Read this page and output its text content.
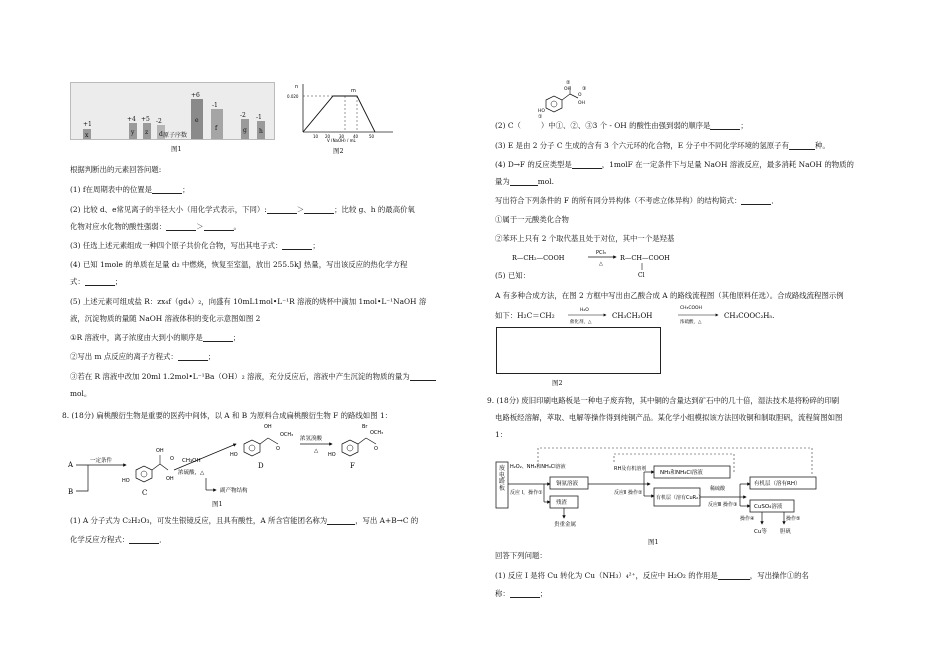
+1
+4 +5 -2
+6
-1
-2 -1
x	y z d
e
f	g h
原子序数
图1
n
0.020
m
10 20 30 40	50
V (NaOH) / mL
图2
根据判断出的元素回答问题:
(1) f在周期表中的位置是	；
(2) 比较 d、e常见离子的半径大小（用化学式表示，下同）:	＞	；比较 g、h 的最高价氧
化物对应水化物的酸性强弱：	＞	。
(3) 任选上述元素组成一种四个原子共价化合物，写出其电子式：	；
(4) 已知 1mole 的单质在足量 d₂ 中燃烧，恢复至室温，放出 255.5kJ 热量，写出该反应的热化学方程
式：	；
(5) 上述元素可组成盐 R：zx₄f（gd₄）₂，向盛有 10mL1mol•L⁻¹R 溶液的烧杯中滴加 1mol•L⁻¹NaOH 溶
液，沉淀物质的量随 NaOH 溶液体积的变化示意图如图 2
①R 溶液中，离子浓度由大到小的顺序是	；
②写出 m 点反应的离子方程式：	；
③若在 R 溶液中改加 20ml 1.2mol•L⁻¹Ba（OH）₂ 溶液，充分反应后，溶液中产生沉淀的物质的量为
mol。
8. (18分) 扁桃酸衍生物是重要的医药中间体，以 A 和 B 为原料合成扁桃酸衍生物 F 的路线如图 1：
A
B
一定条件
HO
OH
OH
O
C
CH₃OH
浓硫酸，△
副产物结构
HO
OH
O
OCH₃
D
浓氢溴酸
△
HO
Br
O
OCH₃
F
图1
(1) A 分子式为 C₂H₂O₃，可发生银镜反应，且具有酸性，A 所含官能团名称为	，写出 A+B→C 的
化学反应方程式：	．
②
OH ③
O
OH
①
HO
(2) C（	）中①、②、③3 个 - OH 的酸性由强到弱的顺序是	；
(3) E 是由 2 分子 C 生成的含有 3 个六元环的化合物，E 分子中不同化学环境的氢原子有	种。
(4) D→F 的反应类型是	，1molF 在一定条件下与足量 NaOH 溶液反应，最多消耗 NaOH 的物质的
量为	mol.
写出符合下列条件的 F 的所有同分异构体（不考虑立体异构）的结构简式：	．
①属于一元酸类化合物
②苯环上只有 2 个取代基且处于对位，其中一个是羟基
R—CH₂—COOH
PCl₃
△
R—CH—COOH
Cl
(5) 已知：
A 有多种合成方法，在图 2 方框中写出由乙酸合成 A 的路线流程图（其他原料任选）。合成路线流程图示例
如下：H₂C＝CH₂
H₂O
催化剂，△
CH₃CH₂OH
CH₃COOH
浓硫酸，△
CH₃COOC₂H₅.
图2
9. (18分) 废旧印刷电路板是一种电子废弃物，其中铜的含量达到矿石中的几十倍，湿法技术是将粉碎的印刷
电路板经溶解，萃取、电解等操作得到纯铜产品。某化学小组模拟该方法回收铜和制取胆矾，流程简图如图
1：
H₂O₂、NH₃和NH₄Cl溶液
反应 Ⅰ，操作①
铜氨溶液
残渣
贵重金属
RH及有机溶剂
反应Ⅱ 操作②
NH₃和NH₄Cl溶液
有机层（溶有CuR₂）
稀硫酸
反应Ⅲ 操作③
有机层（溶有RH）
CuSO₄溶液
操作④	操作⑤
Cu等 胆矾
废电路板
图1
回答下列问题：
(1) 反应 Ⅰ 是将 Cu 转化为 Cu（NH₃）₄²⁺，反应中 H₂O₂ 的作用是	，写出操作①的名
称：	；
